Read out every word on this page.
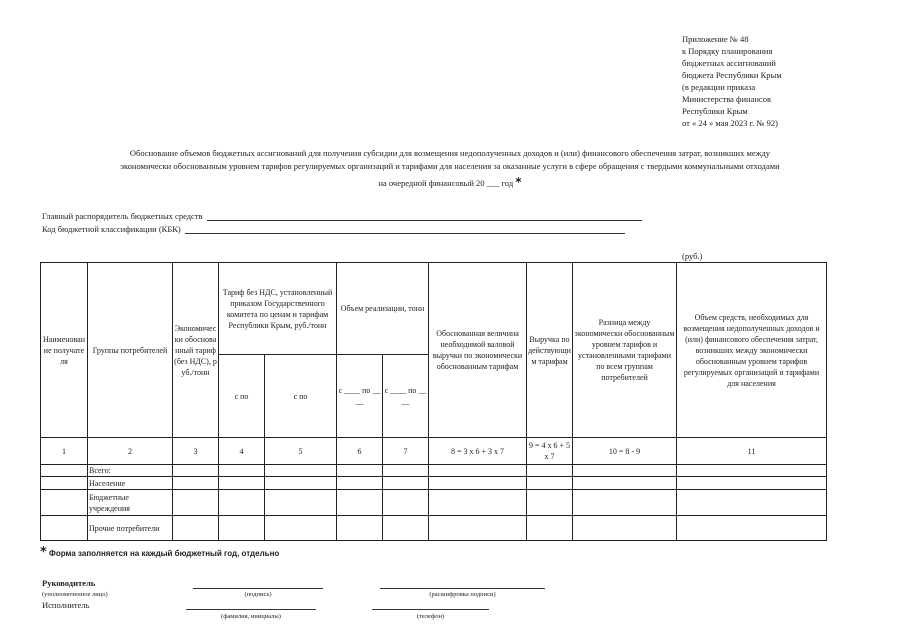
Приложение № 48
к Порядку планирования
бюджетных ассигнований
бюджета Республики Крым
(в редакции приказа
Министерства финансов
Республики Крым
от « 24 » мая 2023 г. № 92)
Обоснование объемов бюджетных ассигнований для получения субсидии для возмещения недополученных доходов и (или) финансового обеспечения затрат, возникших между
экономически обоснованным уровнем тарифов регулируемых организаций и тарифами для населения за оказанные услуги в сфере обращения с твердыми коммунальными отходами
на очередной финансовый 20 ___ год *
Главный распорядитель бюджетных средств
Код бюджетной классификации (КБК)
(руб.)
Наименование получателя	Группы потребителей	Экономически обоснованный тариф (без НДС), руб./тонн	Тариф без НДС, установленный приказом Государственного комитета по ценам и тарифам Республики Крым, руб./тонн		Объем реализации, тонн		Обоснованная величина необходимой валовой выручки по экономически обоснованным тарифам	Выручка по действующим тарифам	Разница между экономически обоснованным уровнем тарифов и установленными тарифами по всем группам потребителей	Объем средств, необходимых для возмещения недополученных доходов и (или) финансового обеспечения затрат, возникших между экономически обоснованным уровнем тарифов регулируемых организаций и тарифами для населения
			с по	с по	с ____ по ____	с ____ по ____				
1	2	3	4	5	6	7	8 = 3 x 6 + 3 x 7	9 = 4 x 6 + 5 x 7	10 = 8 - 9	11
	Всего:									
	Население									
	Бюджетные учреждения									
	Прочие потребители									
* Форма заполняется на каждый бюджетный год, отдельно
Руководитель
(уполномоченное лицо)	(подпись)	(расшифровка подписи)
Исполнитель
(фамилия, инициалы)	(телефон)
